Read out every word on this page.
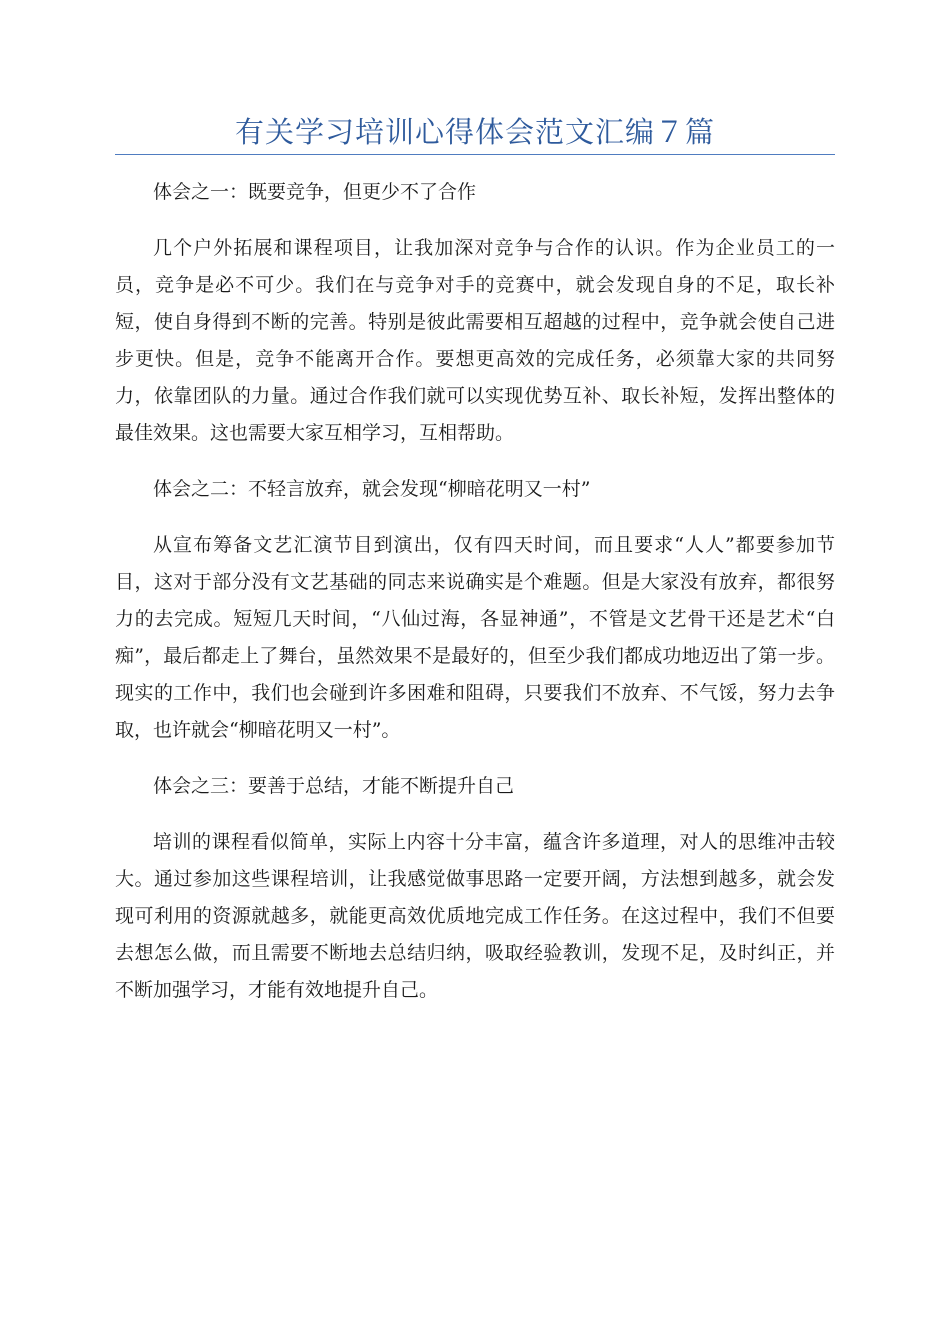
有关学习培训心得体会范文汇编７篇

体会之一：既要竞争，但更少不了合作

几个户外拓展和课程项目，让我加深对竞争与合作的认识。作为企业员工的一员，竞争是必不可少。我们在与竞争对手的竞赛中，就会发现自身的不足，取长补短，使自身得到不断的完善。特别是彼此需要相互超越的过程中，竞争就会使自己进步更快。但是，竞争不能离开合作。要想更高效的完成任务，必须靠大家的共同努力，依靠团队的力量。通过合作我们就可以实现优势互补、取长补短，发挥出整体的最佳效果。这也需要大家互相学习，互相帮助。

体会之二：不轻言放弃，就会发现“柳暗花明又一村”

从宣布筹备文艺汇演节目到演出，仅有四天时间，而且要求“人人”都要参加节目，这对于部分没有文艺基础的同志来说确实是个难题。但是大家没有放弃，都很努力的去完成。短短几天时间，“八仙过海，各显神通”，不管是文艺骨干还是艺术“白痴”，最后都走上了舞台，虽然效果不是最好的，但至少我们都成功地迈出了第一步。现实的工作中，我们也会碰到许多困难和阻碍，只要我们不放弃、不气馁，努力去争取，也许就会“柳暗花明又一村”。

体会之三：要善于总结，才能不断提升自己

培训的课程看似简单，实际上内容十分丰富，蕴含许多道理，对人的思维冲击较大。通过参加这些课程培训，让我感觉做事思路一定要开阔，方法想到越多，就会发现可利用的资源就越多，就能更高效优质地完成工作任务。在这过程中，我们不但要去想怎么做，而且需要不断地去总结归纳，吸取经验教训，发现不足，及时纠正，并不断加强学习，才能有效地提升自己。
